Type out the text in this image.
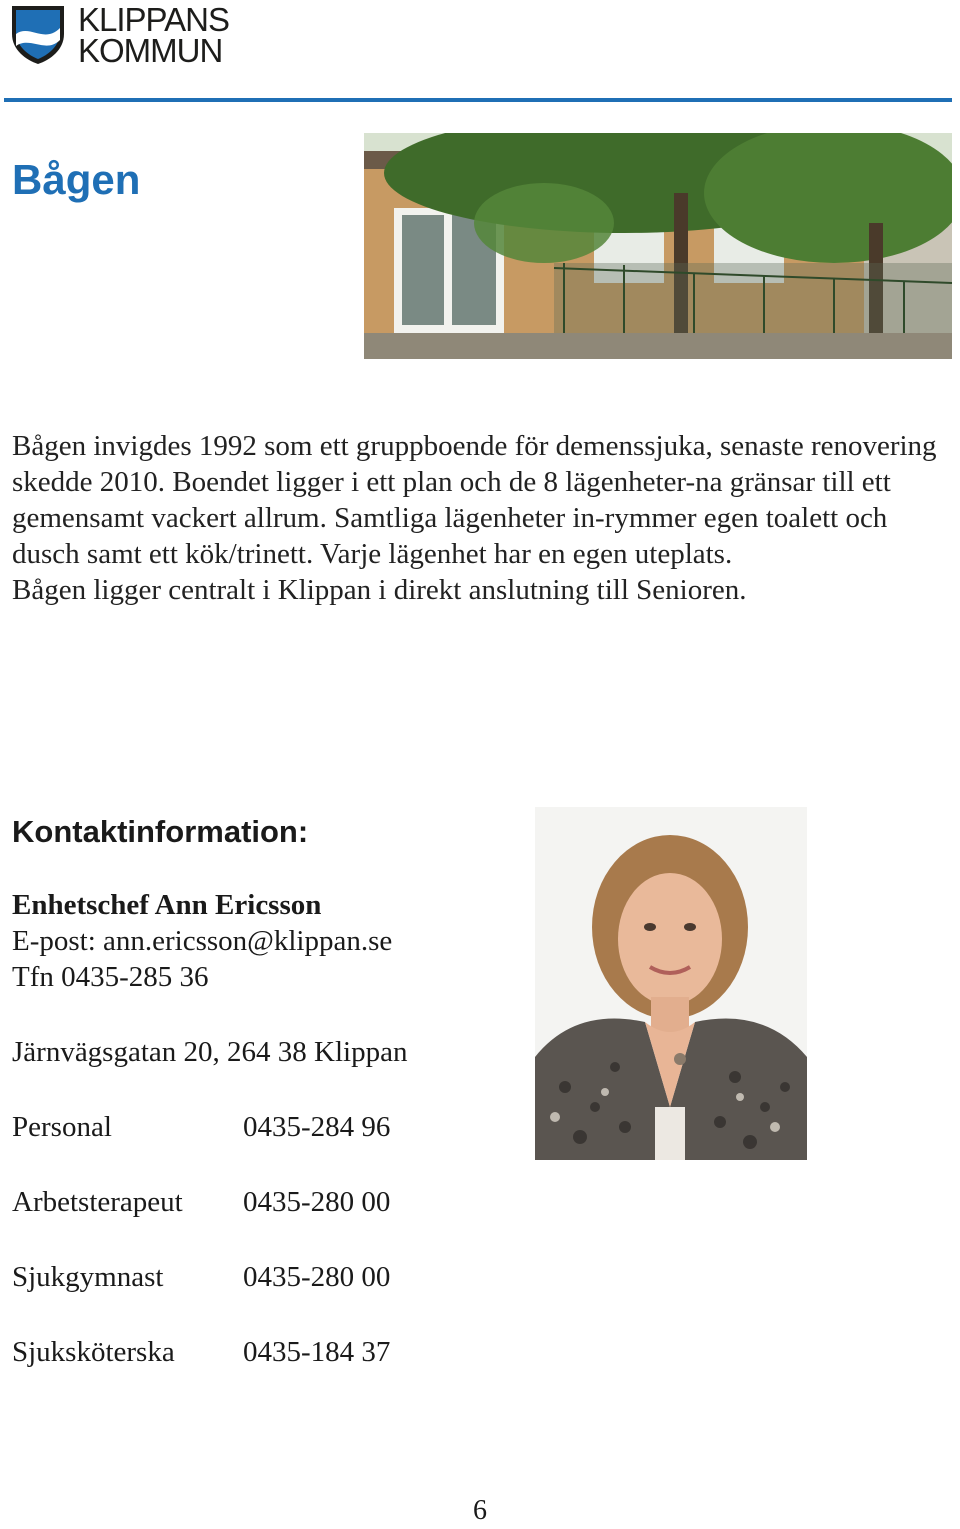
KLIPPANS
KOMMUN
Bågen

Bågen invigdes 1992 som ett gruppboende för demenssjuka, senaste renovering skedde 2010. Boendet ligger i ett plan och de 8 lägenheter-na gränsar till ett gemensamt vackert allrum. Samtliga lägenheter in-rymmer egen toalett och dusch samt ett kök/trinett. Varje lägenhet har en egen uteplats.

Bågen ligger centralt i Klippan i direkt anslutning till Senioren.

Kontaktinformation:
Enhetschef Ann Ericsson
E-post: ann.ericsson@klippan.se
Tfn 0435-285 36
Järnvägsgatan 20, 264 38 Klippan
Personal	0435-284 96
Arbetsterapeut 0435-280 00
Sjukgymnast	0435-280 00
Sjuksköterska 0435-184 37
6
